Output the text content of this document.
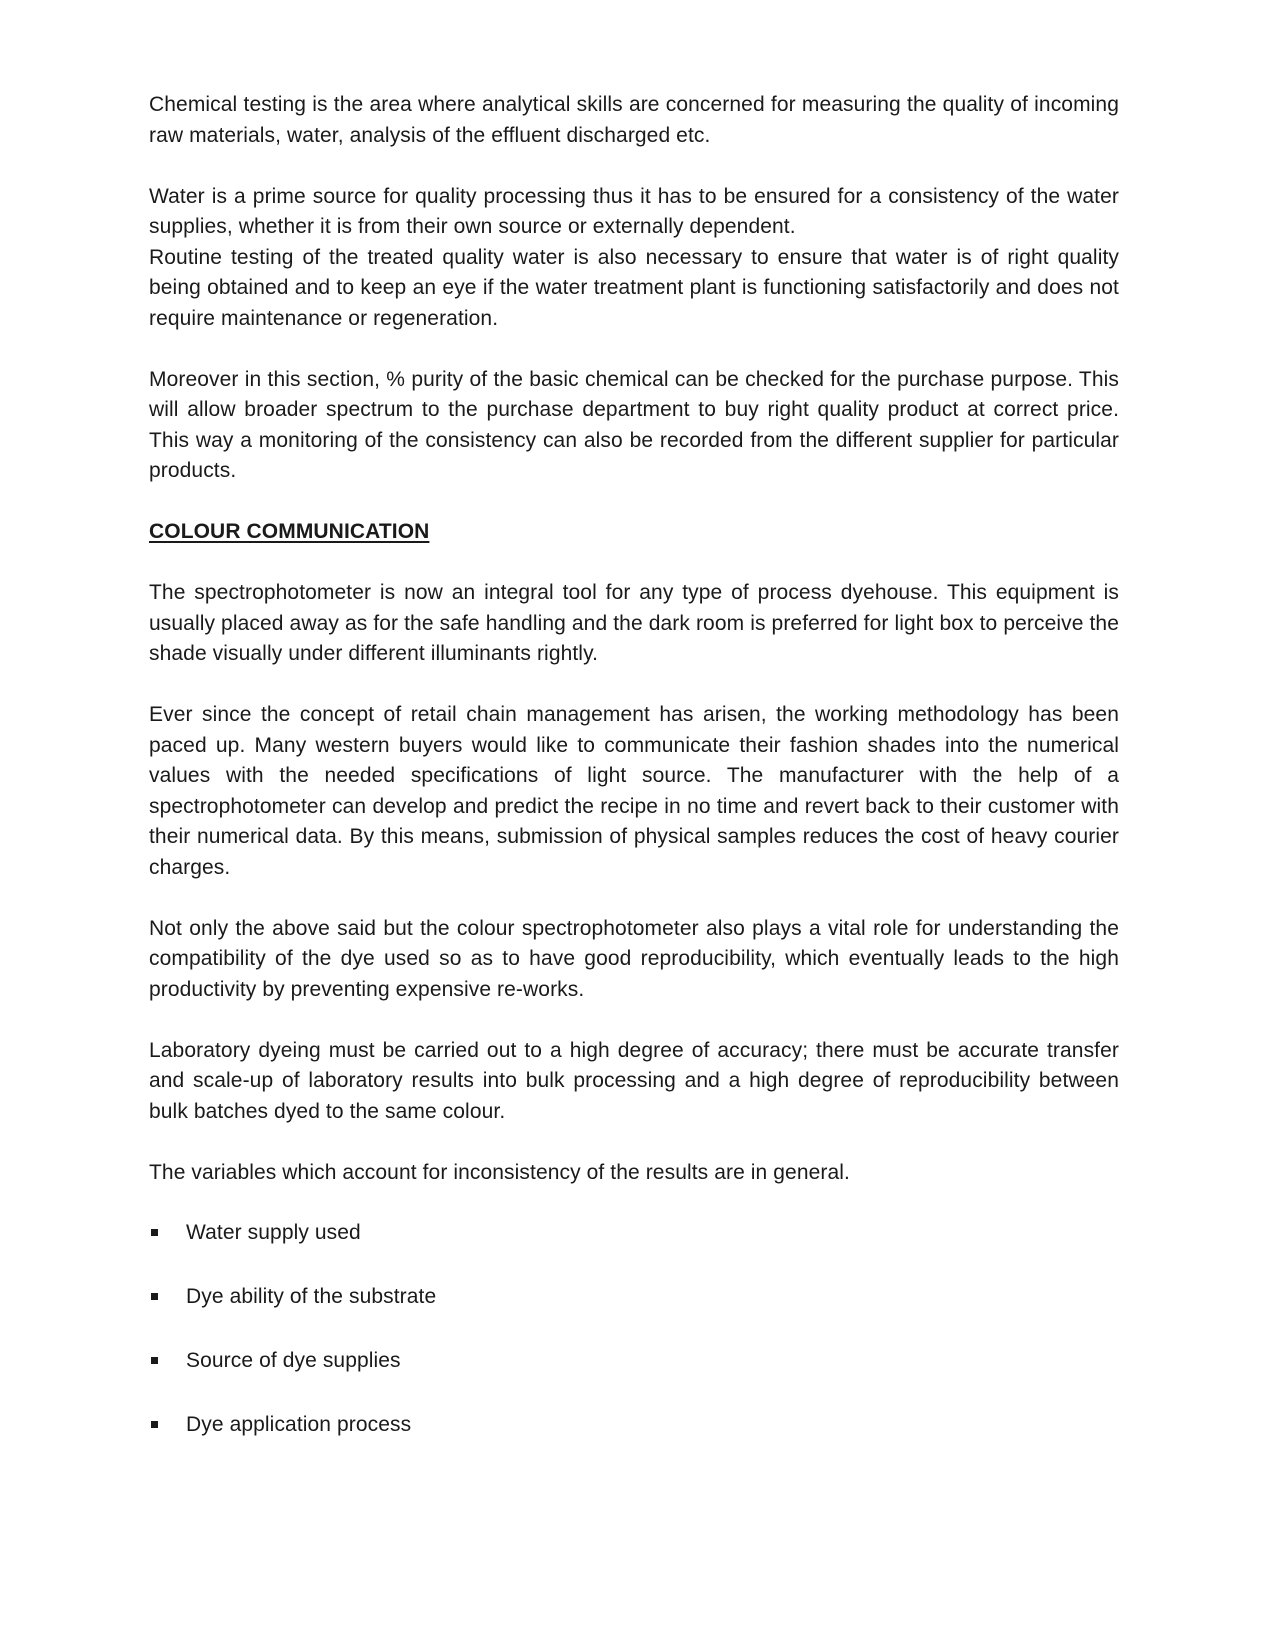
Chemical testing is the area where analytical skills are concerned for measuring the quality of incoming raw materials, water, analysis of the effluent discharged etc.

Water is a prime source for quality processing thus it has to be ensured for a consistency of the water supplies, whether it is from their own source or externally dependent.

Routine testing of the treated quality water is also necessary to ensure that water is of right quality being obtained and to keep an eye if the water treatment plant is functioning satisfactorily and does not require maintenance or regeneration.

Moreover in this section, % purity of the basic chemical can be checked for the purchase purpose. This will allow broader spectrum to the purchase department to buy right quality product at correct price. This way a monitoring of the consistency can also be recorded from the different supplier for particular products.

COLOUR COMMUNICATION

The spectrophotometer is now an integral tool for any type of process dyehouse. This equipment is usually placed away as for the safe handling and the dark room is preferred for light box to perceive the shade visually under different illuminants rightly.

Ever since the concept of retail chain management has arisen, the working methodology has been paced up. Many western buyers would like to communicate their fashion shades into the numerical values with the needed specifications of light source. The manufacturer with the help of a spectrophotometer can develop and predict the recipe in no time and revert back to their customer with their numerical data. By this means, submission of physical samples reduces the cost of heavy courier charges.

Not only the above said but the colour spectrophotometer also plays a vital role for understanding the compatibility of the dye used so as to have good reproducibility, which eventually leads to the high productivity by preventing expensive re-works.

Laboratory dyeing must be carried out to a high degree of accuracy; there must be accurate transfer and scale-up of laboratory results into bulk processing and a high degree of reproducibility between bulk batches dyed to the same colour.

The variables which account for inconsistency of the results are in general.

Water supply used
Dye ability of the substrate
Source of dye supplies
Dye application process
